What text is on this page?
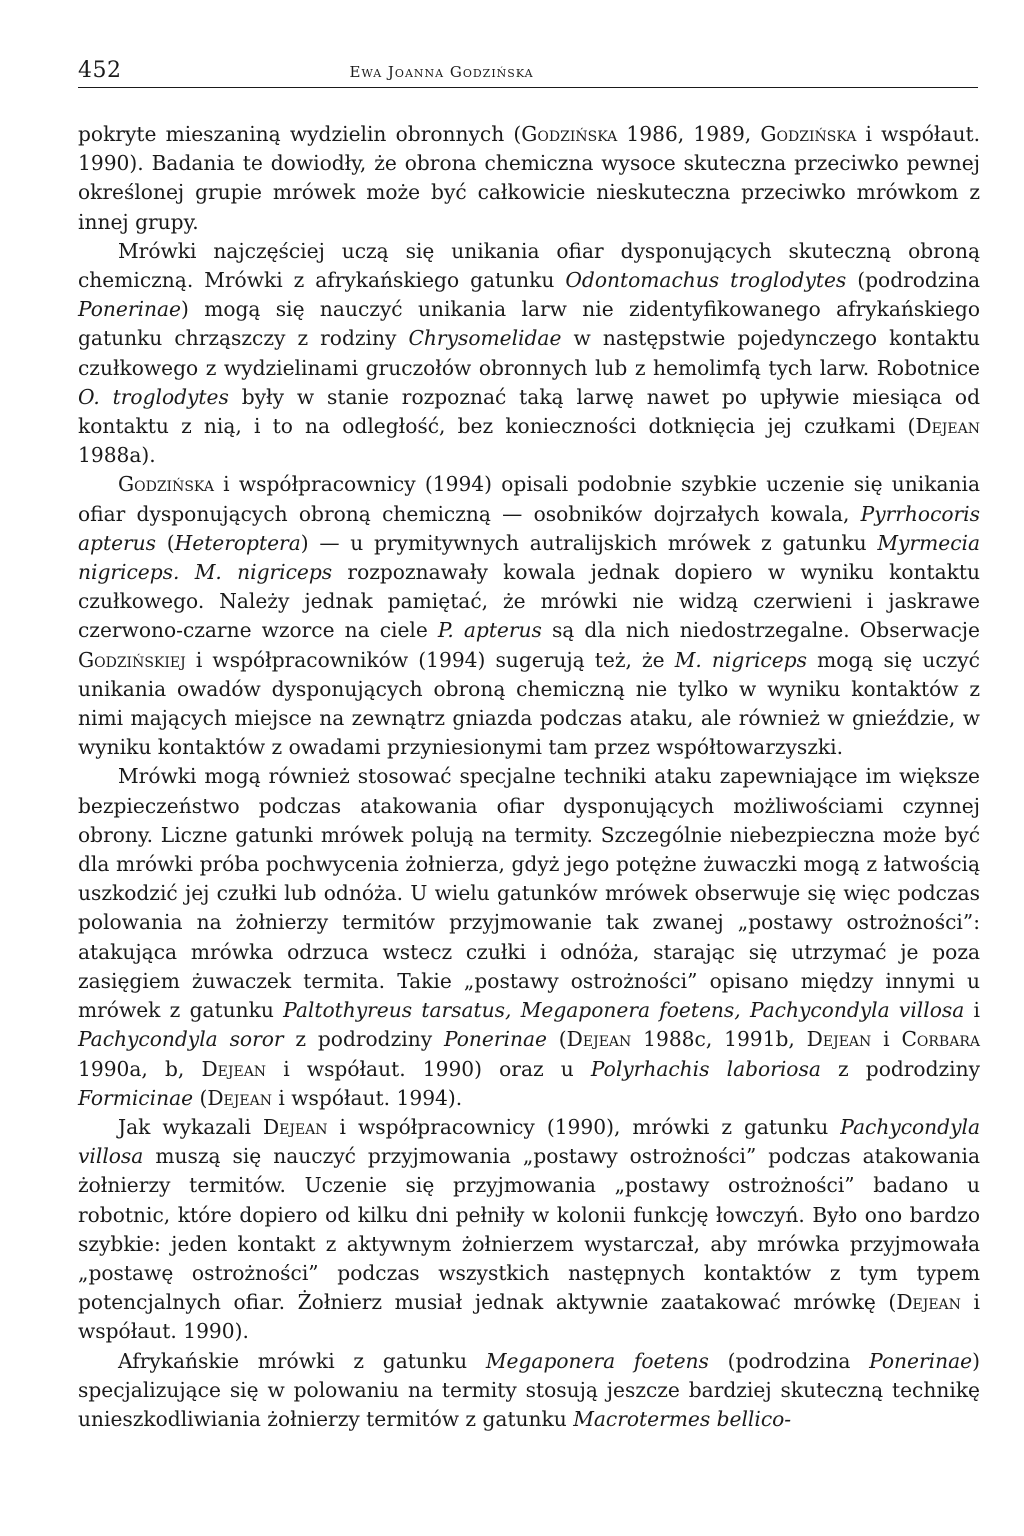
452	Ewa Joanna Godzińska

pokryte mieszaniną wydzielin obronnych (Godzińska 1986, 1989, Godzińska i współaut. 1990). Badania te dowiodły, że obrona chemiczna wysoce skuteczna przeciwko pewnej określonej grupie mrówek może być całkowicie nieskuteczna przeciwko mrówkom z innej grupy.

Mrówki najczęściej uczą się unikania ofiar dysponujących skuteczną obroną chemiczną. Mrówki z afrykańskiego gatunku Odontomachus troglodytes (podrodzina Ponerinae) mogą się nauczyć unikania larw nie zidentyfikowanego afrykańskiego gatunku chrząszczy z rodziny Chrysomelidae w następstwie pojedynczego kontaktu czułkowego z wydzielinami gruczołów obronnych lub z hemolimfą tych larw. Robotnice O. troglodytes były w stanie rozpoznać taką larwę nawet po upływie miesiąca od kontaktu z nią, i to na odległość, bez konieczności dotknięcia jej czułkami (Dejean 1988a).

Godzińska i współpracownicy (1994) opisali podobnie szybkie uczenie się unikania ofiar dysponujących obroną chemiczną — osobników dojrzałych kowala, Pyrrhocoris apterus (Heteroptera) — u prymitywnych autralijskich mrówek z gatunku Myrmecia nigriceps. M. nigriceps rozpoznawały kowala jednak dopiero w wyniku kontaktu czułkowego. Należy jednak pamiętać, że mrówki nie widzą czerwieni i jaskrawe czerwono-czarne wzorce na ciele P. apterus są dla nich niedostrzegalne. Obserwacje Godzińskiej i współpracowników (1994) sugerują też, że M. nigriceps mogą się uczyć unikania owadów dysponujących obroną chemiczną nie tylko w wyniku kontaktów z nimi mających miejsce na zewnątrz gniazda podczas ataku, ale również w gnieździe, w wyniku kontaktów z owadami przyniesionymi tam przez współtowarzyszki.

Mrówki mogą również stosować specjalne techniki ataku zapewniające im większe bezpieczeństwo podczas atakowania ofiar dysponujących możliwościami czynnej obrony. Liczne gatunki mrówek polują na termity. Szczególnie niebezpieczna może być dla mrówki próba pochwycenia żołnierza, gdyż jego potężne żuwaczki mogą z łatwością uszkodzić jej czułki lub odnóża. U wielu gatunków mrówek obserwuje się więc podczas polowania na żołnierzy termitów przyjmowanie tak zwanej „postawy ostrożności”: atakująca mrówka odrzuca wstecz czułki i odnóża, starając się utrzymać je poza zasięgiem żuwaczek termita. Takie „postawy ostrożności” opisano między innymi u mrówek z gatunku Paltothyreus tarsatus, Megaponera foetens, Pachycondyla villosa i Pachycondyla soror z podrodziny Ponerinae (Dejean 1988c, 1991b, Dejean i Corbara 1990a, b, Dejean i współaut. 1990) oraz u Polyrhachis laboriosa z podrodziny Formicinae (Dejean i współaut. 1994).

Jak wykazali Dejean i współpracownicy (1990), mrówki z gatunku Pachycondyla villosa muszą się nauczyć przyjmowania „postawy ostrożności” podczas atakowania żołnierzy termitów. Uczenie się przyjmowania „postawy ostrożności” badano u robotnic, które dopiero od kilku dni pełniły w kolonii funkcję łowczyń. Było ono bardzo szybkie: jeden kontakt z aktywnym żołnierzem wystarczał, aby mrówka przyjmowała „postawę ostrożności” podczas wszystkich następnych kontaktów z tym typem potencjalnych ofiar. Żołnierz musiał jednak aktywnie zaatakować mrówkę (Dejean i współaut. 1990).

Afrykańskie mrówki z gatunku Megaponera foetens (podrodzina Ponerinae) specjalizujące się w polowaniu na termity stosują jeszcze bardziej skuteczną technikę unieszkodliwiania żołnierzy termitów z gatunku Macrotermes bellico-
